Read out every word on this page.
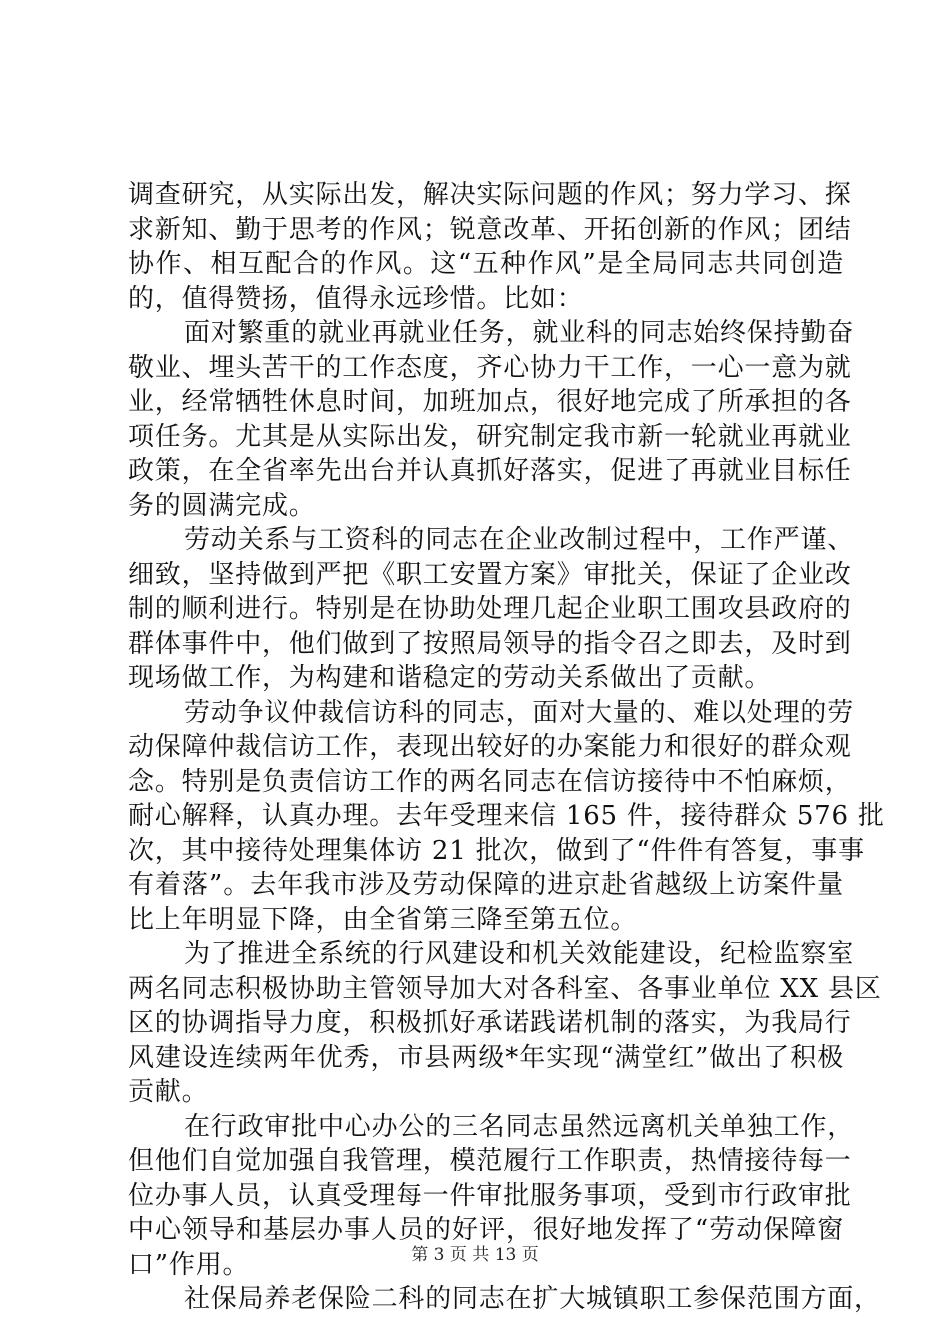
调查研究，从实际出发，解决实际问题的作风；努力学习、探
求新知、勤于思考的作风；锐意改革、开拓创新的作风；团结
协作、相互配合的作风。这“五种作风”是全局同志共同创造
的，值得赞扬，值得永远珍惜。比如：
面对繁重的就业再就业任务，就业科的同志始终保持勤奋
敬业、埋头苦干的工作态度，齐心协力干工作，一心一意为就
业，经常牺牲休息时间，加班加点，很好地完成了所承担的各
项任务。尤其是从实际出发，研究制定我市新一轮就业再就业
政策，在全省率先出台并认真抓好落实，促进了再就业目标任
务的圆满完成。
劳动关系与工资科的同志在企业改制过程中，工作严谨、
细致，坚持做到严把《职工安置方案》审批关，保证了企业改
制的顺利进行。特别是在协助处理几起企业职工围攻县政府的
群体事件中，他们做到了按照局领导的指令召之即去，及时到
现场做工作，为构建和谐稳定的劳动关系做出了贡献。
劳动争议仲裁信访科的同志，面对大量的、难以处理的劳
动保障仲裁信访工作，表现出较好的办案能力和很好的群众观
念。特别是负责信访工作的两名同志在信访接待中不怕麻烦，
耐心解释，认真办理。去年受理来信 165 件，接待群众 576 批
次，其中接待处理集体访 21 批次，做到了“件件有答复，事事
有着落”。去年我市涉及劳动保障的进京赴省越级上访案件量
比上年明显下降，由全省第三降至第五位。
为了推进全系统的行风建设和机关效能建设，纪检监察室
两名同志积极协助主管领导加大对各科室、各事业单位 XX 县区
区的协调指导力度，积极抓好承诺践诺机制的落实，为我局行
风建设连续两年优秀，市县两级*年实现“满堂红”做出了积极
贡献。
在行政审批中心办公的三名同志虽然远离机关单独工作，
但他们自觉加强自我管理，模范履行工作职责，热情接待每一
位办事人员，认真受理每一件审批服务事项，受到市行政审批
中心领导和基层办事人员的好评，很好地发挥了“劳动保障窗
口”作用。
社保局养老保险二科的同志在扩大城镇职工参保范围方面，
第 3 页 共 13 页
